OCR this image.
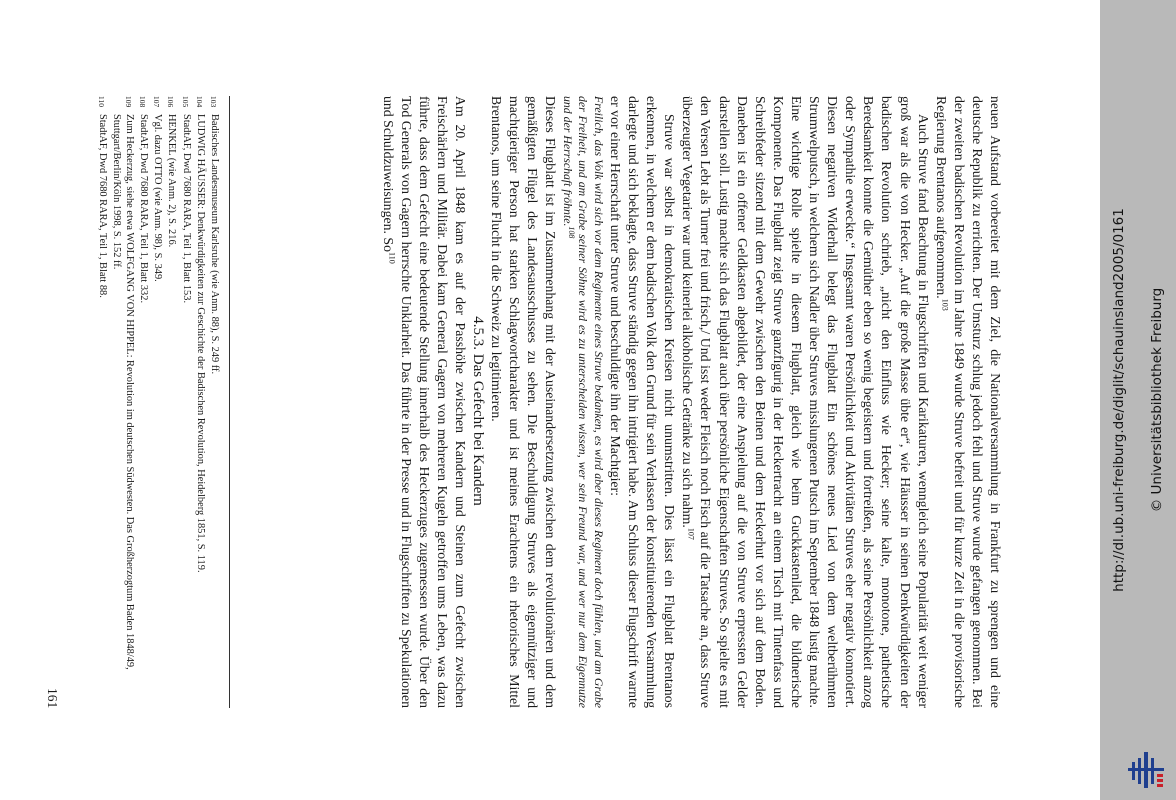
neuen Aufstand vorbereitet mit dem Ziel, die Nationalversammlung in Frankfurt zu sprengen und eine deutsche Republik zu errichten. Der Umsturz schlug jedoch fehl und Struve wurde gefangen genommen. Bei der zweiten badischen Revolution im Jahre 1849 wurde Struve befreit und für kurze Zeit in die provisorische Regierung Brentanos aufgenommen.$^{103}$

Auch Struve fand Beachtung in Flugschriften und Karikaturen, wenngleich seine Popularität weit weniger groß war als die von Hecker. „Auf die große Masse übte er“, wie Häusser in seinen Denkwürdigkeiten der badischen Revolution schrieb, „nicht den Einfluss wie Hecker; seine kalte, monotone, pathetische Beredsamkeit konnte die Gemüther eben so wenig begeistern und fortreißen, als seine Persönlichkeit anzog oder Sympathie erweckte.“ Insgesamt waren Persönlichkeit und Aktivitäten Struves eher negativ konnotiert. Diesen negativen Widerhall belegt das Flugblatt Ein schönes neues Lied von dem weltberühmten Strumwelputsch, in welchem sich Nadler über Struves misslungenen Putsch im September 1848 lustig machte. Eine wichtige Rolle spielte in diesem Flugblatt, gleich wie beim Guckkastenlied, die bildnerische Komponente. Das Flugblatt zeigt Struve ganzfigurig in der Heckertracht an einem Tisch mit Tintenfass und Schreibfeder sitzend mit dem Gewehr zwischen den Beinen und dem Heckerhut vor sich auf dem Boden. Daneben ist ein offener Geldkasten abgebildet, der eine Anspielung auf die von Struve erpressten Gelder darstellen soll. Lustig machte sich das Flugblatt auch über persönliche Eigenschaften Struves. So spielte es mit den Versen Lebt als Turner frei und frisch,/ Und isst weder Fleisch noch Fisch auf die Tatsache an, dass Struve überzeugter Vegetarier war und keinerlei alkoholische Getränke zu sich nahm.$^{107}$

Struve war selbst in demokratischen Kreisen nicht unumstritten. Dies lässt ein Flugblatt Brentanos erkennen, in welchem er dem badischen Volk den Grund für sein Verlassen der konstituierenden Versammlung darlegte und sich beklagte, dass Struve ständig gegen ihn intrigiert habe. Am Schluss dieser Flugschrift warnte er vor einer Herrschaft unter Struve und beschuldigte ihn der Machtgier:

Freilich, das Volk wird sich vor dem Regimente eines Struve bedanken, es wird aber dieses Regiment doch fühlen, und am Grabe der Freiheit, und am Grabe seiner Söhne wird es zu unterscheiden wissen, wer sein Freund war, und wer nur dem Eigennutze und der Herrschaft fröhnte.$^{108}$

Dieses Flugblatt ist im Zusammenhang mit der Auseinandersetzung zwischen dem revolutionären und dem gemäßigten Flügel des Landesausschusses zu sehen. Die Beschuldigung Struves als eigennütziger und machtgieriger Person hat starken Schlagwortcharakter und ist meines Erachtens ein rhetorisches Mittel Brentanos, um seine Flucht in die Schweiz zu legitimieren.

4.5.3. Das Gefecht bei Kandern

Am 20. April 1848 kam es auf der Passhöhe zwischen Kandern und Steinen zum Gefecht zwischen Freischärlern und Militär. Dabei kam General Gagern von mehreren Kugeln getroffen ums Leben, was dazu führte, dass dem Gefecht eine bedeutende Stellung innerhalb des Heckerzuges zugemessen wurde. Über den Tod Generals von Gagern herrschte Unklarheit. Das führte in der Presse und in Flugschriften zu Spekulationen und Schuldzuweisungen. So$^{110}$

103
Badisches Landesmuseum Karlsruhe (wie Anm. 88), S. 249 ff.
104
LUDWIG HÄUSSER: Denkwürdigkeiten zur Geschichte der Badischen Revolution, Heidelberg 1851, S. 119.
105
StadtAF, Dwd 7680 RARA, Teil 1, Blatt 153.
106
HENKEL (wie Anm. 2), S. 216.
107
Vgl. dazu OTTO (wie Anm. 98), S. 349.
108
StadtAF, Dwd 7680 RARA, Teil 1, Blatt 332.
109
Zum Heckerzug, siehe etwa WOLFGANG VON HIPPEL: Revolution im deutschen Südwesten. Das Großherzogtum Baden 1848/49, Stuttgart/Berlin/Köln 1998, S. 152 ff.
110
StadtAF, Dwd 7680 RARA, Teil 1, Blatt 88.
161
http://dl.ub.uni-freiburg.de/diglit/schauinsland2005/0161 © Universitätsbibliothek Freiburg
